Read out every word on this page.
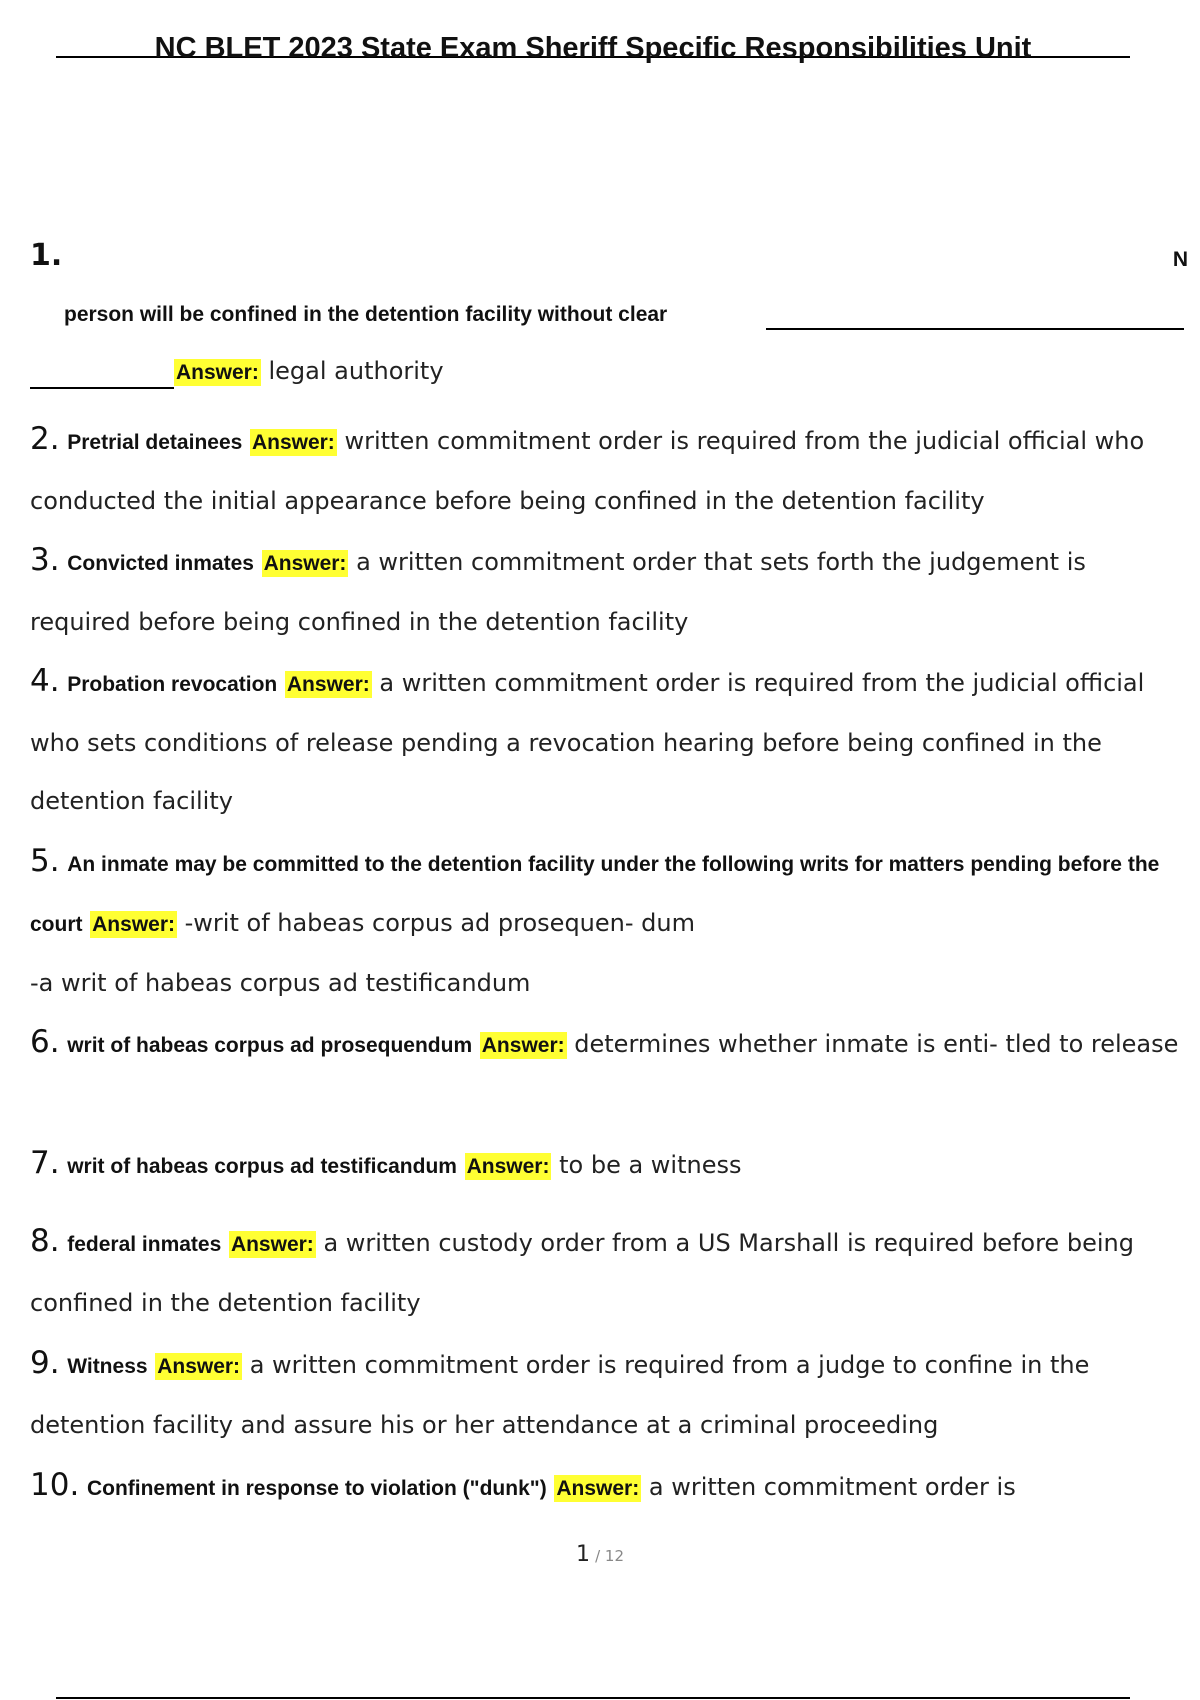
NC BLET 2023 State Exam Sheriff Specific Responsibilities Unit
1.	N
person will be confined in the detention facility without clear
Answer: legal authority
2. Pretrial detainees Answer: written commitment order is required from the judicial official who conducted the initial appearance before being confined in the detention facility
3. Convicted inmates Answer: a written commitment order that sets forth the judgement is required before being confined in the detention facility
4. Probation revocation Answer: a written commitment order is required from the judicial official who sets conditions of release pending a revocation hearing before being confined in the detention facility
5. An inmate may be committed to the detention facility under the following writs for matters pending before the court Answer: -writ of habeas corpus ad prosequen- dum
-a writ of habeas corpus ad testificandum
6. writ of habeas corpus ad prosequendum Answer: determines whether inmate is enti- tled to release
7. writ of habeas corpus ad testificandum Answer: to be a witness
8. federal inmates Answer: a written custody order from a US Marshall is required before being confined in the detention facility
9. Witness Answer: a written commitment order is required from a judge to confine in the detention facility and assure his or her attendance at a criminal proceeding
10. Confinement in response to violation ("dunk") Answer: a written commitment order is
1 / 12
